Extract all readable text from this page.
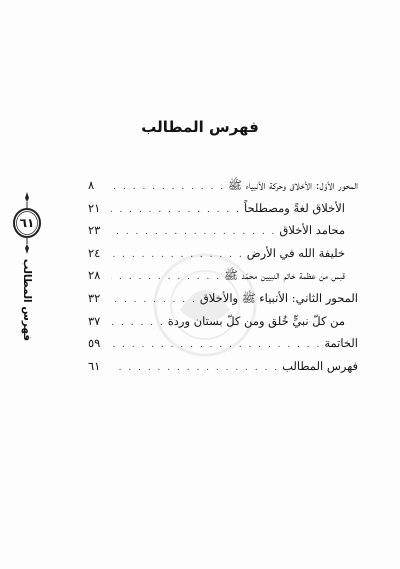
فهرس المطالب
٦١
فهرس المطالب
المحور الأوّل: الأخلاق وحركة الأنبياء ﷺ
. . .
٨
الأخلاق لغةً ومصطلحاً
. . .
٢١
محامد الأخلاق
. . .
٢٣
خليفة الله في الأرض
. . .
٢٤
قبس من عظمة خاتم النبيين محمّد ﷺ
. . .
٢٨
المحور الثاني: الأنبياء ﷺ والأخلاق
. . .
٣٢
من كلّ نبيٍّ خُلق ومن كلّ بستان وردة
. . .
٣٧
الخاتمة
. . .
٥٩
فهرس المطالب
. . .
٦١
